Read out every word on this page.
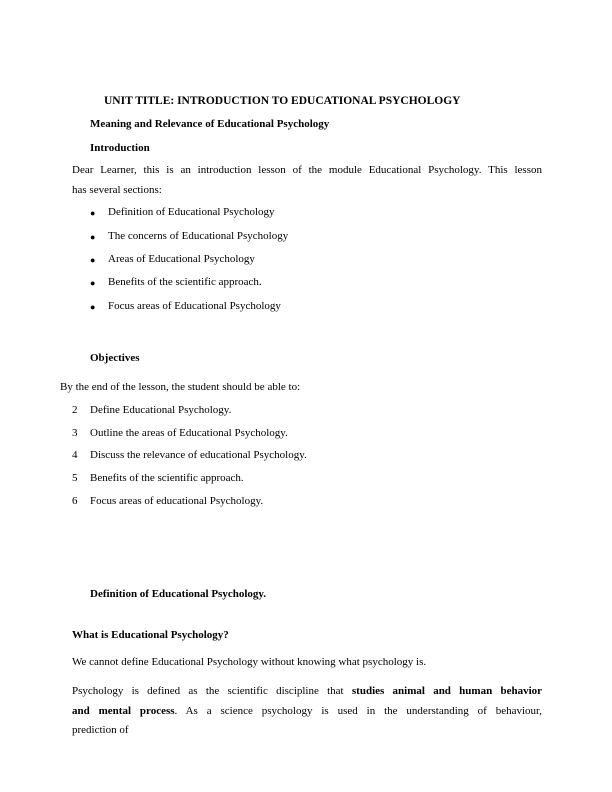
UNIT TITLE: INTRODUCTION TO EDUCATIONAL PSYCHOLOGY
Meaning and Relevance of Educational Psychology
Introduction
Dear Learner, this is an introduction lesson of the module Educational Psychology. This lesson
has several sections:
● Definition of Educational Psychology
● The concerns of Educational Psychology
● Areas of Educational Psychology
● Benefits of the scientific approach.
● Focus areas of Educational Psychology
Objectives
By the end of the lesson, the student should be able to:
2 Define Educational Psychology.
3 Outline the areas of Educational Psychology.
4 Discuss the relevance of educational Psychology.
5 Benefits of the scientific approach.
6 Focus areas of educational Psychology.
Definition of Educational Psychology.
What is Educational Psychology?
We cannot define Educational Psychology without knowing what psychology is.
Psychology is defined as the scientific discipline that studies animal and human behavior
and mental process. As a science psychology is used in the understanding of behaviour,
prediction of
